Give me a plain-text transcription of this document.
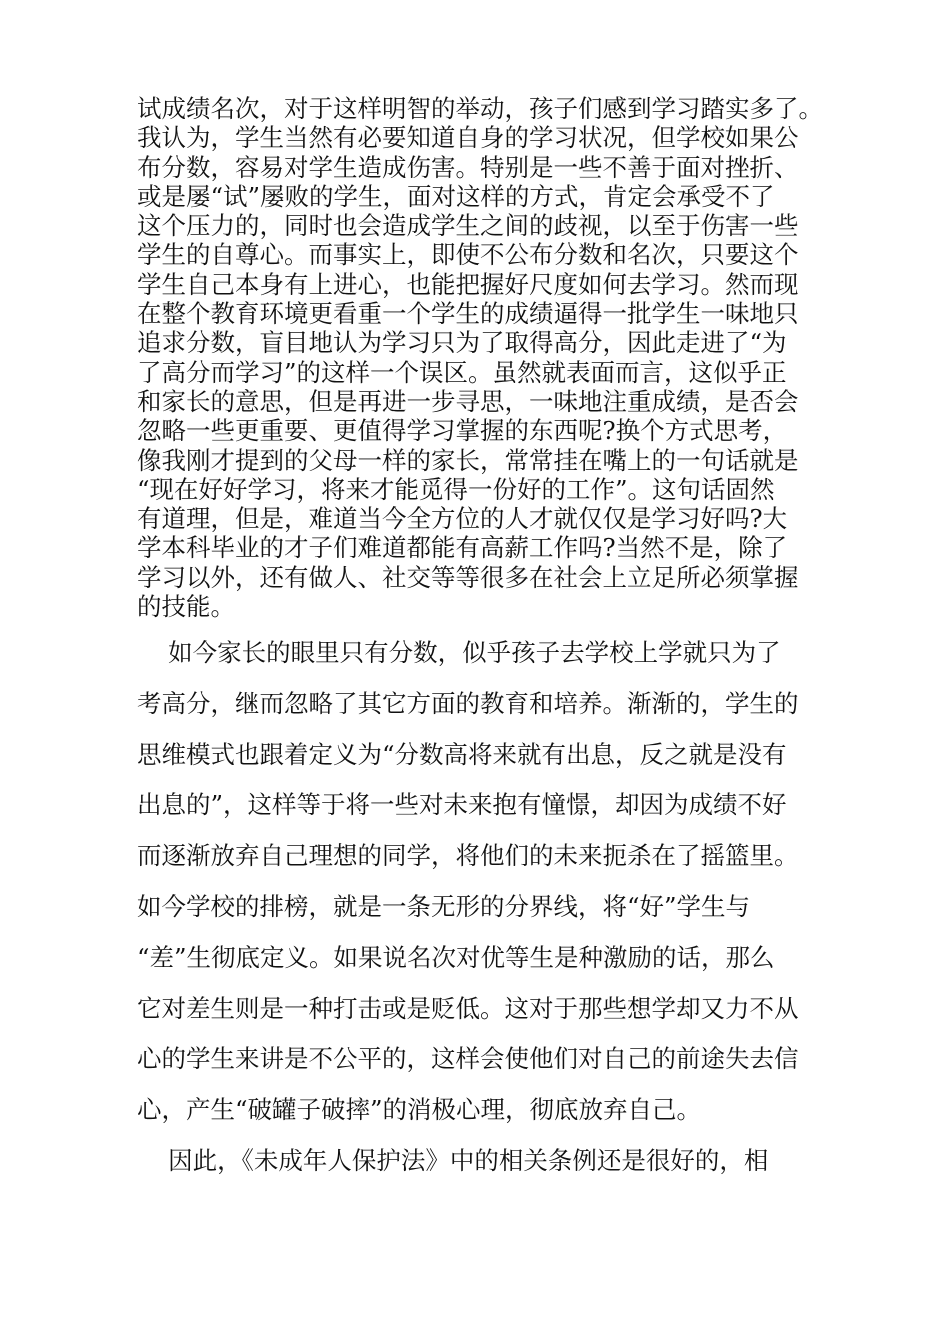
试成绩名次，对于这样明智的举动，孩子们感到学习踏实多了。
我认为，学生当然有必要知道自身的学习状况，但学校如果公
布分数，容易对学生造成伤害。特别是一些不善于面对挫折、
或是屡“试”屡败的学生，面对这样的方式，肯定会承受不了
这个压力的，同时也会造成学生之间的歧视，以至于伤害一些
学生的自尊心。而事实上，即使不公布分数和名次，只要这个
学生自己本身有上进心，也能把握好尺度如何去学习。然而现
在整个教育环境更看重一个学生的成绩逼得一批学生一味地只
追求分数，盲目地认为学习只为了取得高分，因此走进了“为
了高分而学习”的这样一个误区。虽然就表面而言，这似乎正
和家长的意思，但是再进一步寻思，一味地注重成绩，是否会
忽略一些更重要、更值得学习掌握的东西呢?换个方式思考，
像我刚才提到的父母一样的家长，常常挂在嘴上的一句话就是
“现在好好学习，将来才能觅得一份好的工作”。这句话固然
有道理，但是，难道当今全方位的人才就仅仅是学习好吗?大
学本科毕业的才子们难道都能有高薪工作吗?当然不是，除了
学习以外，还有做人、社交等等很多在社会上立足所必须掌握
的技能。
如今家长的眼里只有分数，似乎孩子去学校上学就只为了
考高分，继而忽略了其它方面的教育和培养。渐渐的，学生的
思维模式也跟着定义为“分数高将来就有出息，反之就是没有
出息的”，这样等于将一些对未来抱有憧憬，却因为成绩不好
而逐渐放弃自己理想的同学，将他们的未来扼杀在了摇篮里。
如今学校的排榜，就是一条无形的分界线，将“好”学生与
“差”生彻底定义。如果说名次对优等生是种激励的话，那么
它对差生则是一种打击或是贬低。这对于那些想学却又力不从
心的学生来讲是不公平的，这样会使他们对自己的前途失去信
心，产生“破罐子破摔”的消极心理，彻底放弃自己。
因此，《未成年人保护法》中的相关条例还是很好的，相
